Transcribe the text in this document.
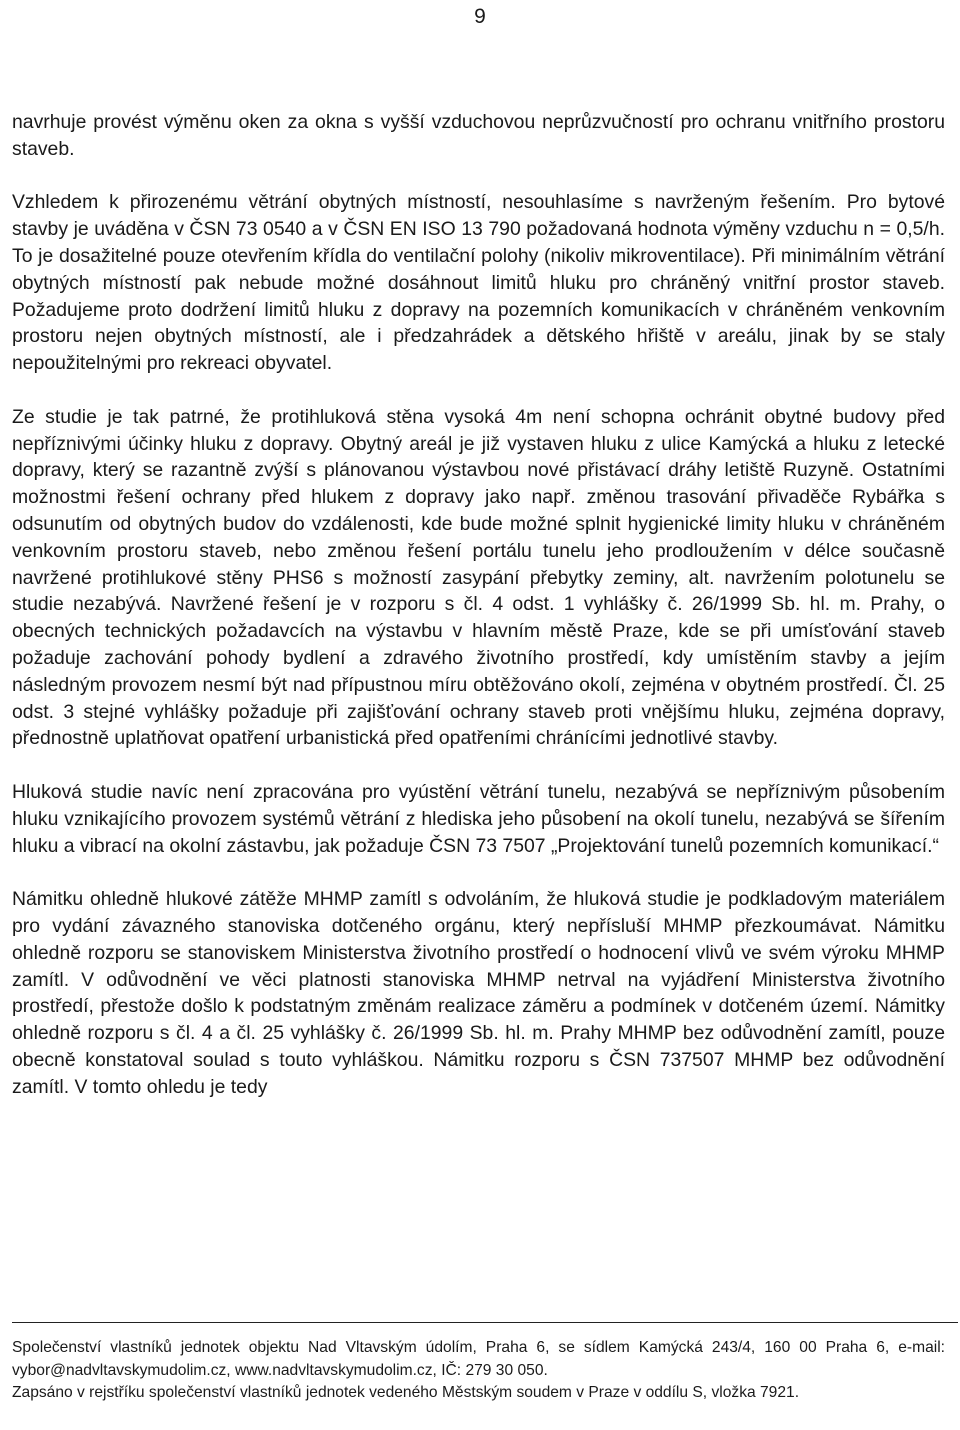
9

navrhuje provést výměnu oken za okna s vyšší vzduchovou neprůzvučností pro ochranu vnitřního prostoru staveb.

Vzhledem k přirozenému větrání obytných místností, nesouhlasíme s navrženým řešením. Pro bytové stavby je uváděna v ČSN 73 0540 a v ČSN EN ISO 13 790 požadovaná hodnota výměny vzduchu n = 0,5/h. To je dosažitelné pouze otevřením křídla do ventilační polohy (nikoliv mikroventilace). Při minimálním větrání obytných místností pak nebude možné dosáhnout limitů hluku pro chráněný vnitřní prostor staveb. Požadujeme proto dodržení limitů hluku z dopravy na pozemních komunikacích v chráněném venkovním prostoru nejen obytných místností, ale i předzahrádek a dětského hřiště v areálu, jinak by se staly nepoužitelnými pro rekreaci obyvatel.

Ze studie je tak patrné, že protihluková stěna vysoká 4m není schopna ochránit obytné budovy před nepříznivými účinky hluku z dopravy. Obytný areál je již vystaven hluku z ulice Kamýcká a hluku z letecké dopravy, který se razantně zvýší s plánovanou výstavbou nové přistávací dráhy letiště Ruzyně. Ostatními možnostmi řešení ochrany před hlukem z dopravy jako např. změnou trasování přivaděče Rybářka s odsunutím od obytných budov do vzdálenosti, kde bude možné splnit hygienické limity hluku v chráněném venkovním prostoru staveb, nebo změnou řešení portálu tunelu jeho prodloužením v délce současně navržené protihlukové stěny PHS6 s možností zasypání přebytky zeminy, alt. navržením polotunelu se studie nezabývá. Navržené řešení je v rozporu s čl. 4 odst. 1 vyhlášky č. 26/1999 Sb. hl. m. Prahy, o obecných technických požadavcích na výstavbu v hlavním městě Praze, kde se při umísťování staveb požaduje zachování pohody bydlení a zdravého životního prostředí, kdy umístěním stavby a jejím následným provozem nesmí být nad přípustnou míru obtěžováno okolí, zejména v obytném prostředí. Čl. 25 odst. 3 stejné vyhlášky požaduje při zajišťování ochrany staveb proti vnějšímu hluku, zejména dopravy, přednostně uplatňovat opatření urbanistická před opatřeními chránícími jednotlivé stavby.

Hluková studie navíc není zpracována pro vyústění větrání tunelu, nezabývá se nepříznivým působením hluku vznikajícího provozem systémů větrání z hlediska jeho působení na okolí tunelu, nezabývá se šířením hluku a vibrací na okolní zástavbu, jak požaduje ČSN 73 7507 „Projektování tunelů pozemních komunikací.“

Námitku ohledně hlukové zátěže MHMP zamítl s odvoláním, že hluková studie je podkladovým materiálem pro vydání závazného stanoviska dotčeného orgánu, který nepřísluší MHMP přezkoumávat. Námitku ohledně rozporu se stanoviskem Ministerstva životního prostředí o hodnocení vlivů ve svém výroku MHMP zamítl. V odůvodnění ve věci platnosti stanoviska MHMP netrval na vyjádření Ministerstva životního prostředí, přestože došlo k podstatným změnám realizace záměru a podmínek v dotčeném území. Námitky ohledně rozporu s čl. 4 a čl. 25 vyhlášky č. 26/1999 Sb. hl. m. Prahy MHMP bez odůvodnění zamítl, pouze obecně konstatoval soulad s touto vyhláškou. Námitku rozporu s ČSN 737507 MHMP bez odůvodnění zamítl. V tomto ohledu je tedy

Společenství vlastníků jednotek objektu Nad Vltavským údolím, Praha 6, se sídlem Kamýcká 243/4, 160 00 Praha 6, e-mail: vybor@nadvltavskymudolim.cz, www.nadvltavskymudolim.cz, IČ: 279 30 050.

Zapsáno v rejstříku společenství vlastníků jednotek vedeného Městským soudem v Praze v oddílu S, vložka 7921.
